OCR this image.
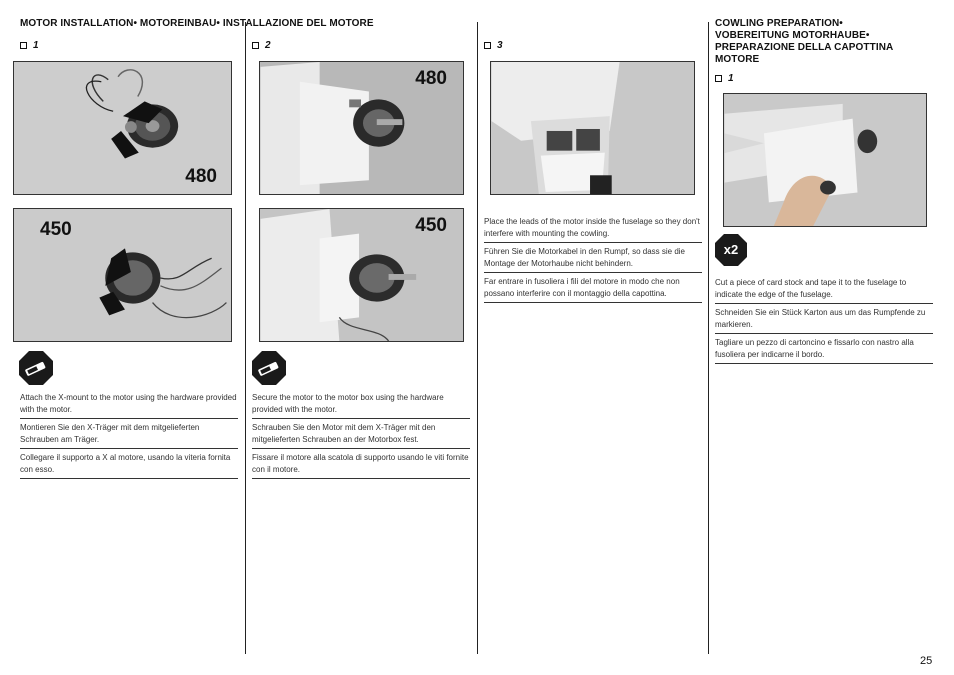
MOTOR INSTALLATION• MOTOREINBAU• INSTALLAZIONE DEL MOTORE
1
480
450
Attach the X-mount to the motor using the hardware provided with the motor.
Montieren Sie den X-Träger mit dem mitgelieferten Schrauben am Träger.
Collegare il supporto a X al motore, usando la viteria fornita con esso.
2
480
450
Secure the motor to the motor box using the hardware provided with the motor.
Schrauben Sie den Motor mit dem X-Träger mit den mitgelieferten Schrauben an der Motorbox fest.
Fissare il motore alla scatola di supporto usando le viti fornite con il motore.
3
Place the leads of the motor inside the fuselage so they don't interfere with mounting the cowling.
Führen Sie die Motorkabel in den Rumpf, so dass sie die Montage der Motorhaube nicht behindern.
Far entrare in fusoliera i fili del motore in modo che non possano interferire con il montaggio della capottina.
COWLING PREPARATION•
VOBEREITUNG MOTORHAUBE•
PREPARAZIONE DELLA CAPOTTINA
MOTORE
1
x2
Cut a piece of card stock and tape it to the fuselage to indicate the edge of the fuselage.
Schneiden Sie ein Stück Karton aus um das Rumpfende zu markieren.
Tagliare un pezzo di cartoncino e fissarlo con nastro alla fusoliera per indicarne il bordo.
25
